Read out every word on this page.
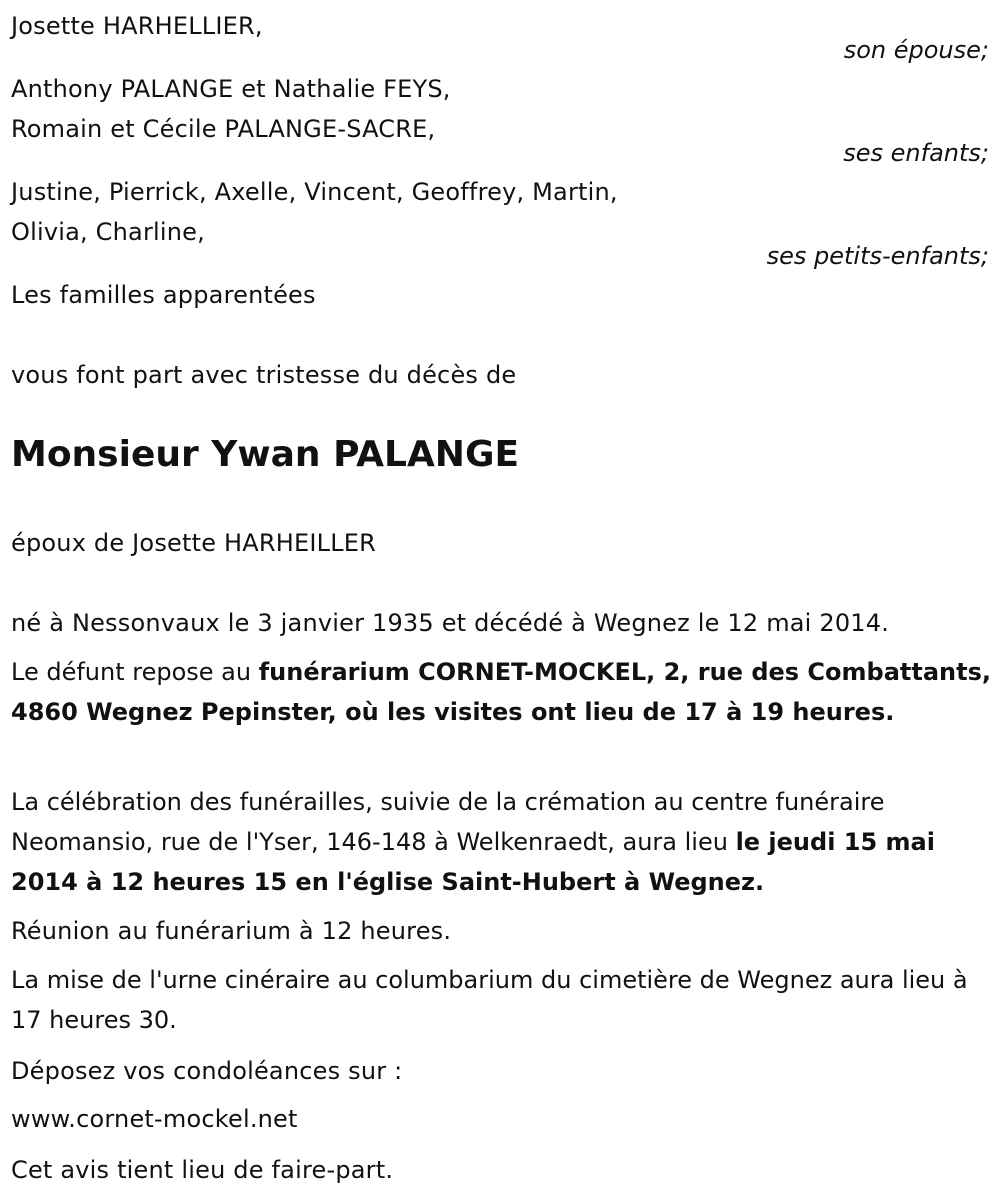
Josette HARHELLIER,
son épouse;
Anthony PALANGE et Nathalie FEYS,
Romain et Cécile PALANGE-SACRE,
ses enfants;
Justine, Pierrick, Axelle, Vincent, Geoffrey, Martin,
Olivia, Charline,
ses petits-enfants;
Les familles apparentées
vous font part avec tristesse du décès de
Monsieur Ywan PALANGE
époux de Josette HARHEILLER
né à Nessonvaux le 3 janvier 1935 et décédé à Wegnez le 12 mai 2014.
Le défunt repose au funérarium CORNET-MOCKEL, 2, rue des Combattants, 4860 Wegnez Pepinster, où les visites ont lieu de 17 à 19 heures.
La célébration des funérailles, suivie de la crémation au centre funéraire Neomansio, rue de l'Yser, 146-148 à Welkenraedt, aura lieu le jeudi 15 mai 2014 à 12 heures 15 en l'église Saint-Hubert à Wegnez.
Réunion au funérarium à 12 heures.
La mise de l'urne cinéraire au columbarium du cimetière de Wegnez aura lieu à 17 heures 30.
Déposez vos condoléances sur :
www.cornet-mockel.net
Cet avis tient lieu de faire-part.
